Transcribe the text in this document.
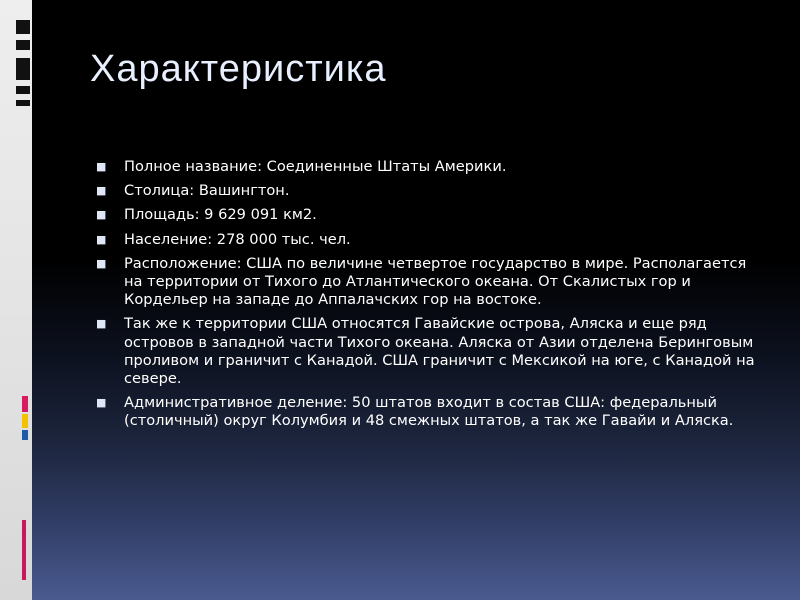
Характеристика
■ Полное название: Соединенные Штаты Америки.
■ Столица: Вашингтон.
■ Площадь: 9 629 091 км2.
■ Население: 278 000 тыс. чел.
■ Расположение: США по величине четвертое государство в мире. Располагается на территории от Тихого до Атлантического океана. От Скалистых гор и Кордельер на западе до Аппалачских гор на востоке.
■ Так же к территории США относятся Гавайские острова, Аляска и еще ряд островов в западной части Тихого океана. Аляска от Азии отделена Беринговым проливом и граничит с Канадой. США граничит с Мексикой на юге, с Канадой на севере.
■ Административное деление: 50 штатов входит в состав США: федеральный (столичный) округ Колумбия и 48 смежных штатов, а так же Гавайи и Аляска.
